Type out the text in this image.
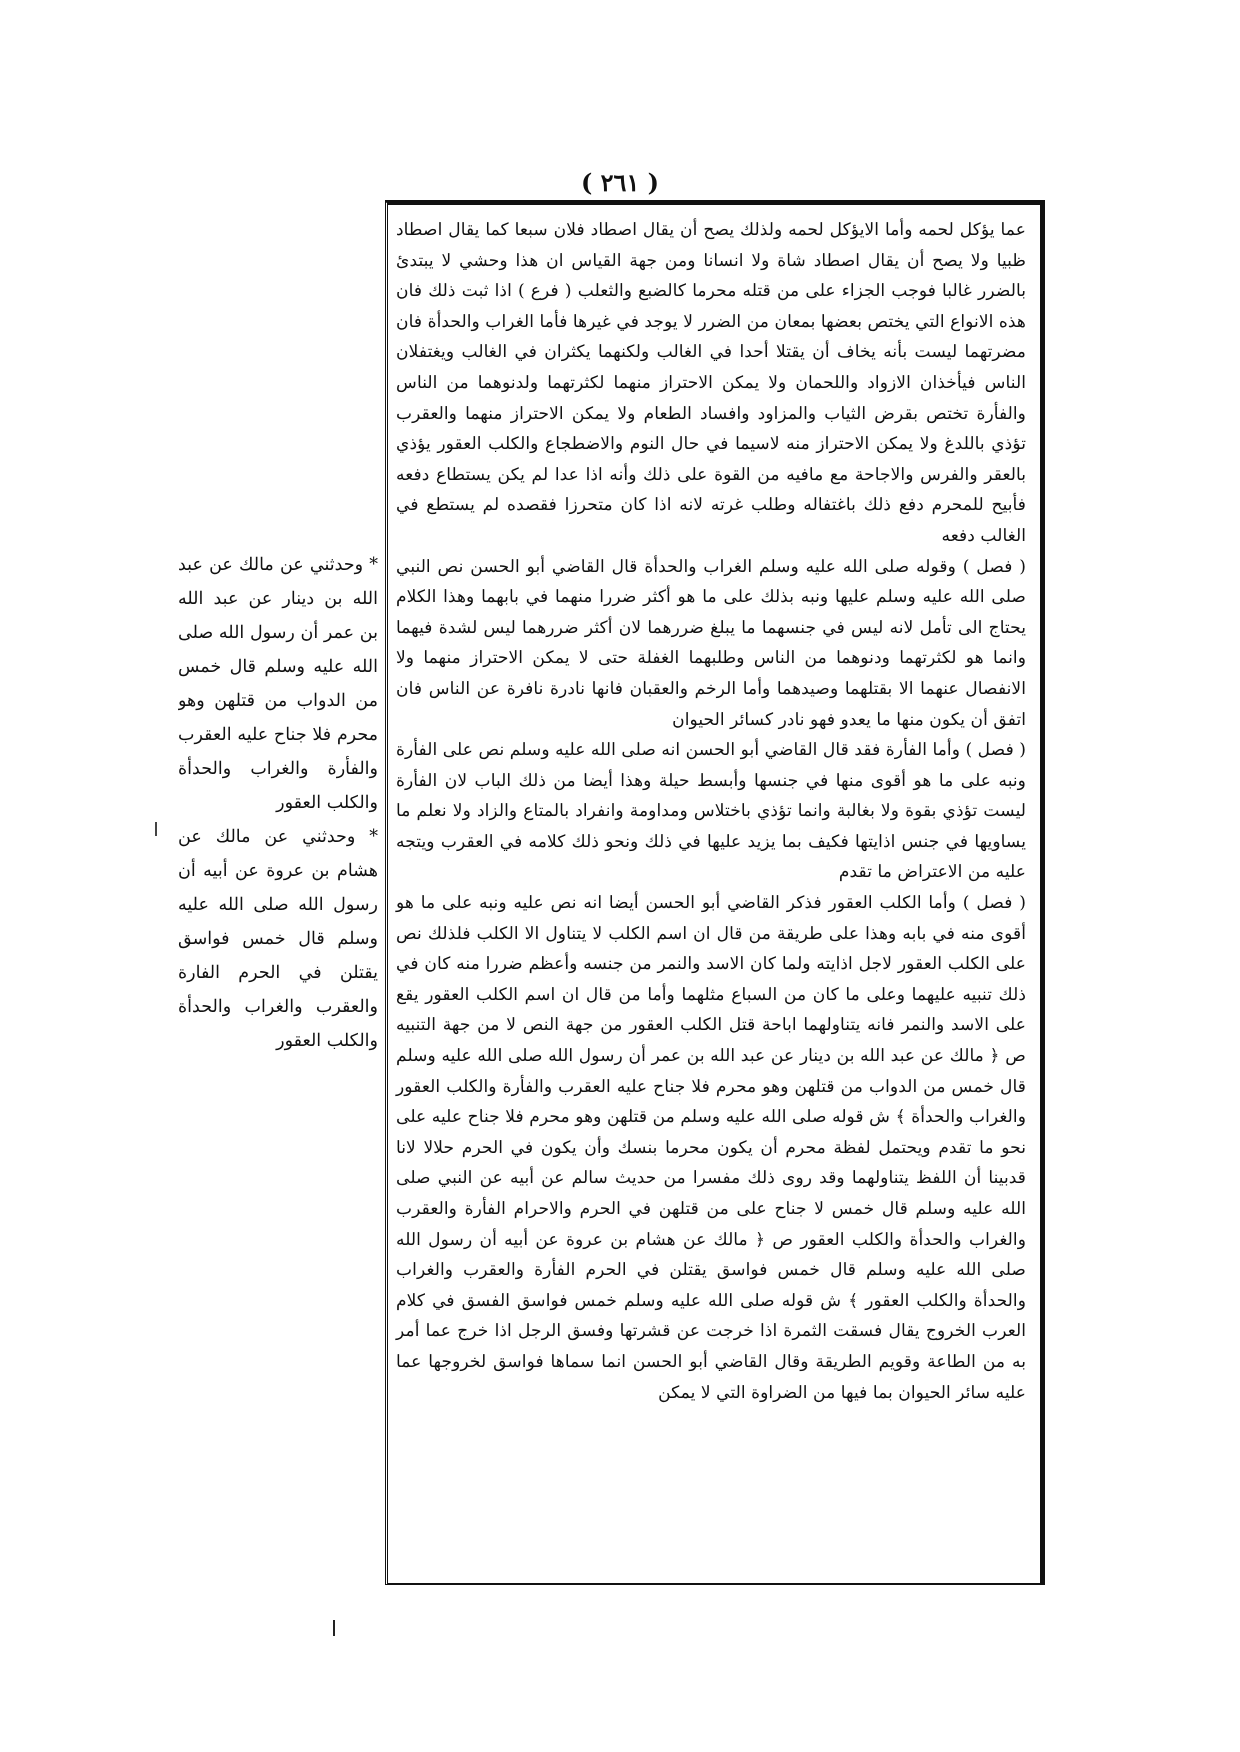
( ٢٦١ )

عما يؤكل لحمه وأما الايؤكل لحمه ولذلك يصح أن يقال اصطاد فلان سبعا كما يقال اصطاد ظبيا ولا يصح أن يقال اصطاد شاة ولا انسانا ومن جهة القياس ان هذا وحشي لا يبتدئ بالضرر غالبا فوجب الجزاء على من قتله محرما كالضبع والثعلب ( فرع ) اذا ثبت ذلك فان هذه الانواع التي يختص بعضها بمعان من الضرر لا يوجد في غيرها فأما الغراب والحدأة فان مضرتهما ليست بأنه يخاف أن يقتلا أحدا في الغالب ولكنهما يكثران في الغالب ويغتفلان الناس فيأخذان الازواد واللحمان ولا يمكن الاحتراز منهما لكثرتهما ولدنوهما من الناس والفأرة تختص بقرض الثياب والمزاود وافساد الطعام ولا يمكن الاحتراز منهما والعقرب تؤذي باللدغ ولا يمكن الاحتراز منه لاسيما في حال النوم والاضطجاع والكلب العقور يؤذي بالعقر والفرس والاجاحة مع مافيه من القوة على ذلك وأنه اذا عدا لم يكن يستطاع دفعه فأبيح للمحرم دفع ذلك باغتفاله وطلب غرته لانه اذا كان متحرزا فقصده لم يستطع في الغالب دفعه

( فصل ) وقوله صلى الله عليه وسلم الغراب والحدأة قال القاضي أبو الحسن نص النبي صلى الله عليه وسلم عليها ونبه بذلك على ما هو أكثر ضررا منهما في بابهما وهذا الكلام يحتاج الى تأمل لانه ليس في جنسهما ما يبلغ ضررهما لان أكثر ضررهما ليس لشدة فيهما وانما هو لكثرتهما ودنوهما من الناس وطلبهما الغفلة حتى لا يمكن الاحتراز منهما ولا الانفصال عنهما الا بقتلهما وصيدهما وأما الرخم والعقبان فانها نادرة نافرة عن الناس فان اتفق أن يكون منها ما يعدو فهو نادر كسائر الحيوان

( فصل ) وأما الفأرة فقد قال القاضي أبو الحسن انه صلى الله عليه وسلم نص على الفأرة ونبه على ما هو أقوى منها في جنسها وأبسط حيلة وهذا أيضا من ذلك الباب لان الفأرة ليست تؤذي بقوة ولا بغالبة وانما تؤذي باختلاس ومداومة وانفراد بالمتاع والزاد ولا نعلم ما يساويها في جنس اذايتها فكيف بما يزيد عليها في ذلك ونحو ذلك كلامه في العقرب ويتجه عليه من الاعتراض ما تقدم

( فصل ) وأما الكلب العقور فذكر القاضي أبو الحسن أيضا انه نص عليه ونبه على ما هو أقوى منه في بابه وهذا على طريقة من قال ان اسم الكلب لا يتناول الا الكلب فلذلك نص على الكلب العقور لاجل اذايته ولما كان الاسد والنمر من جنسه وأعظم ضررا منه كان في ذلك تنبيه عليهما وعلى ما كان من السباع مثلهما وأما من قال ان اسم الكلب العقور يقع على الاسد والنمر فانه يتناولهما اباحة قتل الكلب العقور من جهة النص لا من جهة التنبيه ص ﴿ مالك عن عبد الله بن دينار عن عبد الله بن عمر أن رسول الله صلى الله عليه وسلم قال خمس من الدواب من قتلهن وهو محرم فلا جناح عليه العقرب والفأرة والكلب العقور والغراب والحدأة ﴾ ش قوله صلى الله عليه وسلم من قتلهن وهو محرم فلا جناح عليه على نحو ما تقدم ويحتمل لفظة محرم أن يكون محرما بنسك وأن يكون في الحرم حلالا لانا قدبينا أن اللفظ يتناولهما وقد روى ذلك مفسرا من حديث سالم عن أبيه عن النبي صلى الله عليه وسلم قال خمس لا جناح على من قتلهن في الحرم والاحرام الفأرة والعقرب والغراب والحدأة والكلب العقور ص ﴿ مالك عن هشام بن عروة عن أبيه أن رسول الله صلى الله عليه وسلم قال خمس فواسق يقتلن في الحرم الفأرة والعقرب والغراب والحدأة والكلب العقور ﴾ ش قوله صلى الله عليه وسلم خمس فواسق الفسق في كلام العرب الخروج يقال فسقت الثمرة اذا خرجت عن قشرتها وفسق الرجل اذا خرج عما أمر به من الطاعة وقويم الطريقة وقال القاضي أبو الحسن انما سماها فواسق لخروجها عما عليه سائر الحيوان بما فيها من الضراوة التي لا يمكن

* وحدثني عن مالك عن عبد الله بن دينار عن عبد الله بن عمر أن رسول الله صلى الله عليه وسلم قال خمس من الدواب من قتلهن وهو محرم فلا جناح عليه العقرب والفأرة والغراب والحدأة والكلب العقور

* وحدثني عن مالك عن هشام بن عروة عن أبيه أن رسول الله صلى الله عليه وسلم قال خمس فواسق يقتلن في الحرم الفارة والعقرب والغراب والحدأة والكلب العقور
